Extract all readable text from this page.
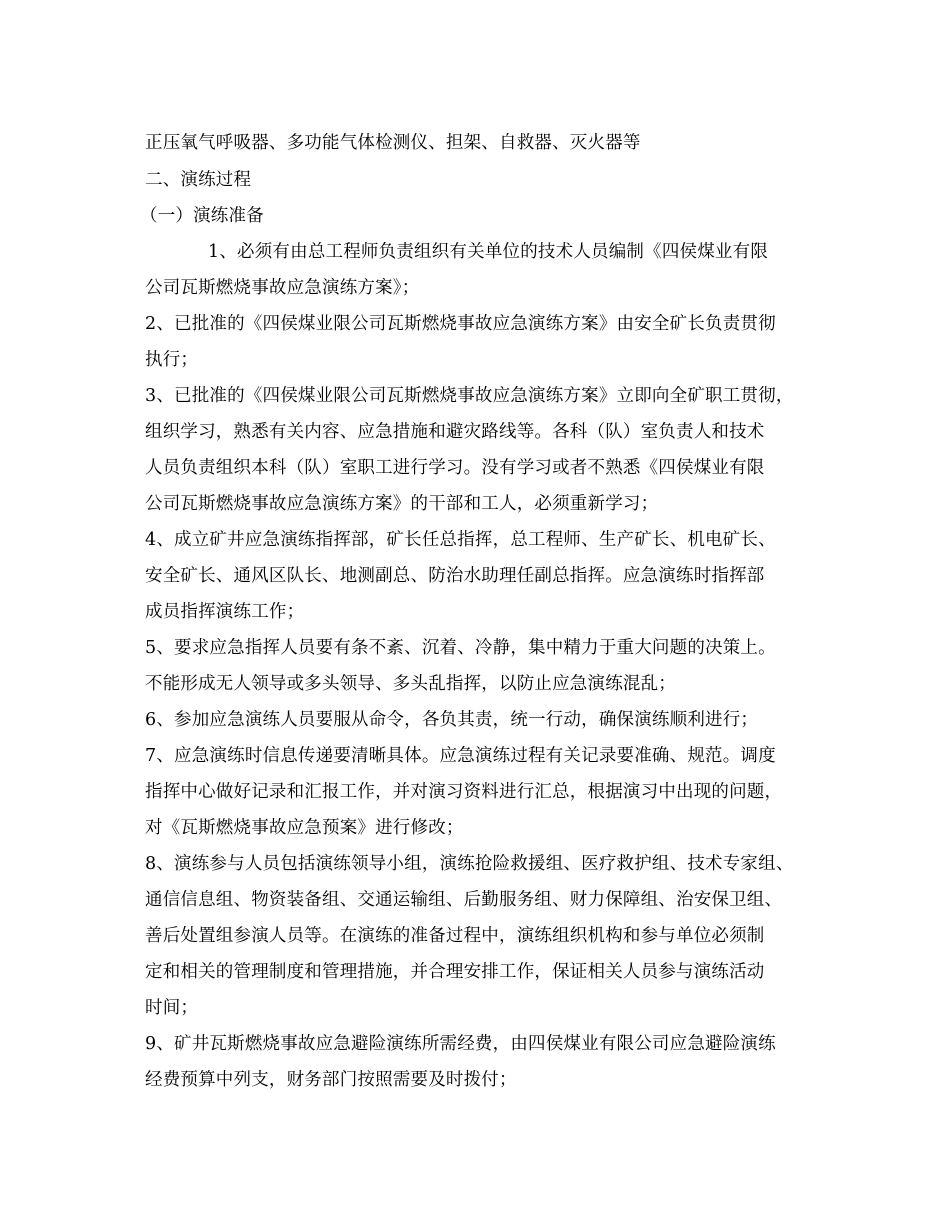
正压氧气呼吸器、多功能气体检测仪、担架、自救器、灭火器等
二、演练过程
（一）演练准备
1、必须有由总工程师负责组织有关单位的技术人员编制《四侯煤业有限
公司瓦斯燃烧事故应急演练方案》；
2、已批准的《四侯煤业限公司瓦斯燃烧事故应急演练方案》由安全矿长负责贯彻
执行；
3、已批准的《四侯煤业限公司瓦斯燃烧事故应急演练方案》立即向全矿职工贯彻，
组织学习，熟悉有关内容、应急措施和避灾路线等。各科（队）室负责人和技术
人员负责组织本科（队）室职工进行学习。没有学习或者不熟悉《四侯煤业有限
公司瓦斯燃烧事故应急演练方案》的干部和工人，必须重新学习；
4、成立矿井应急演练指挥部，矿长任总指挥，总工程师、生产矿长、机电矿长、
安全矿长、通风区队长、地测副总、防治水助理任副总指挥。应急演练时指挥部
成员指挥演练工作；
5、要求应急指挥人员要有条不紊、沉着、冷静，集中精力于重大问题的决策上。
不能形成无人领导或多头领导、多头乱指挥，以防止应急演练混乱；
6、参加应急演练人员要服从命令，各负其责，统一行动，确保演练顺利进行；
7、应急演练时信息传递要清晰具体。应急演练过程有关记录要准确、规范。调度
指挥中心做好记录和汇报工作，并对演习资料进行汇总，根据演习中出现的问题，
对《瓦斯燃烧事故应急预案》进行修改；
8、演练参与人员包括演练领导小组，演练抢险救援组、医疗救护组、技术专家组、
通信信息组、物资装备组、交通运输组、后勤服务组、财力保障组、治安保卫组、
善后处置组参演人员等。在演练的准备过程中，演练组织机构和参与单位必须制
定和相关的管理制度和管理措施，并合理安排工作，保证相关人员参与演练活动
时间；
9、矿井瓦斯燃烧事故应急避险演练所需经费，由四侯煤业有限公司应急避险演练
经费预算中列支，财务部门按照需要及时拨付；
